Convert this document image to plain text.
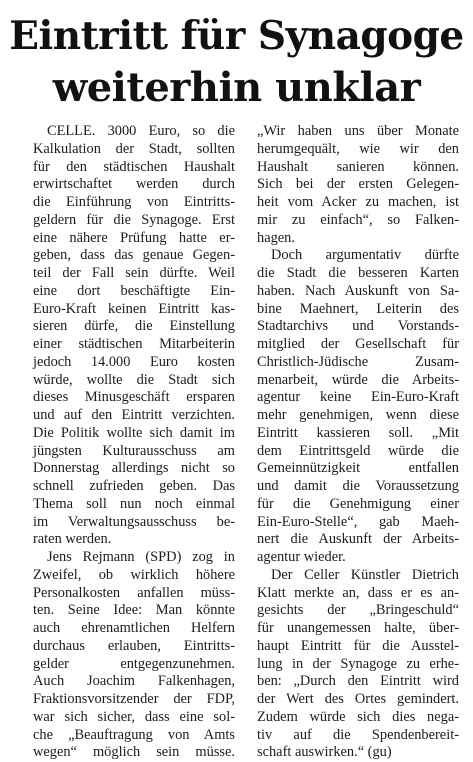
Eintritt für Synagoge
weiterhin unklar
CELLE. 3000 Euro, so die
Kalkulation der Stadt, sollten
für den städtischen Haushalt
erwirtschaftet werden durch
die Einführung von Eintritts-
geldern für die Synagoge. Erst
eine nähere Prüfung hatte er-
geben, dass das genaue Gegen-
teil der Fall sein dürfte. Weil
eine dort beschäftigte Ein-
Euro-Kraft keinen Eintritt kas-
sieren dürfe, die Einstellung
einer städtischen Mitarbeiterin
jedoch 14.000 Euro kosten
würde, wollte die Stadt sich
dieses Minusgeschäft ersparen
und auf den Eintritt verzichten.
Die Politik wollte sich damit im
jüngsten Kulturausschuss am
Donnerstag allerdings nicht so
schnell zufrieden geben. Das
Thema soll nun noch einmal
im Verwaltungsausschuss be-
raten werden.
Jens Rejmann (SPD) zog in
Zweifel, ob wirklich höhere
Personalkosten anfallen müss-
ten. Seine Idee: Man könnte
auch ehrenamtlichen Helfern
durchaus erlauben, Eintritts-
gelder entgegenzunehmen.
Auch Joachim Falkenhagen,
Fraktionsvorsitzender der FDP,
war sich sicher, dass eine sol-
che „Beauftragung von Amts
wegen“ möglich sein müsse.
„Wir haben uns über Monate
herumgequält, wie wir den
Haushalt sanieren können.
Sich bei der ersten Gelegen-
heit vom Acker zu machen, ist
mir zu einfach“, so Falken-
hagen.
Doch argumentativ dürfte
die Stadt die besseren Karten
haben. Nach Auskunft von Sa-
bine Maehnert, Leiterin des
Stadtarchivs und Vorstands-
mitglied der Gesellschaft für
Christlich-Jüdische Zusam-
menarbeit, würde die Arbeits-
agentur keine Ein-Euro-Kraft
mehr genehmigen, wenn diese
Eintritt kassieren soll. „Mit
dem Eintrittsgeld würde die
Gemeinnützigkeit entfallen
und damit die Voraussetzung
für die Genehmigung einer
Ein-Euro-Stelle“, gab Maeh-
nert die Auskunft der Arbeits-
agentur wieder.
Der Celler Künstler Dietrich
Klatt merkte an, dass er es an-
gesichts der „Bringeschuld“
für unangemessen halte, über-
haupt Eintritt für die Ausstel-
lung in der Synagoge zu erhe-
ben: „Durch den Eintritt wird
der Wert des Ortes gemindert.
Zudem würde sich dies nega-
tiv auf die Spendenbereit-
schaft auswirken.“ (gu)
